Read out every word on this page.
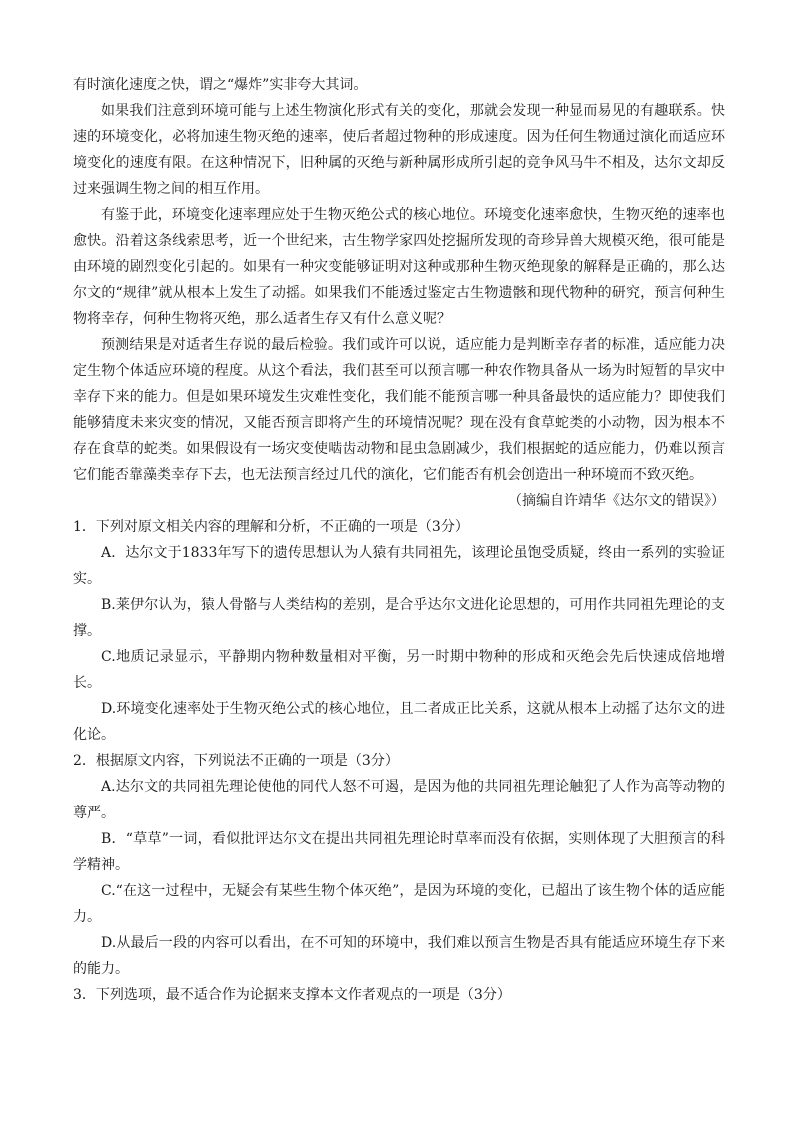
有时演化速度之快，谓之“爆炸”实非夸大其词。

如果我们注意到环境可能与上述生物演化形式有关的变化，那就会发现一种显而易见的有趣联系。快速的环境变化，必将加速生物灭绝的速率，使后者超过物种的形成速度。因为任何生物通过演化而适应环境变化的速度有限。在这种情况下，旧种属的灭绝与新种属形成所引起的竞争风马牛不相及，达尔文却反过来强调生物之间的相互作用。

有鉴于此，环境变化速率理应处于生物灭绝公式的核心地位。环境变化速率愈快，生物灭绝的速率也愈快。沿着这条线索思考，近一个世纪来，古生物学家四处挖掘所发现的奇珍异兽大规模灭绝，很可能是由环境的剧烈变化引起的。如果有一种灾变能够证明对这种或那种生物灭绝现象的解释是正确的，那么达尔文的“规律”就从根本上发生了动摇。如果我们不能透过鉴定古生物遗骸和现代物种的研究，预言何种生物将幸存，何种生物将灭绝，那么适者生存又有什么意义呢？

预测结果是对适者生存说的最后检验。我们或许可以说，适应能力是判断幸存者的标准，适应能力决定生物个体适应环境的程度。从这个看法，我们甚至可以预言哪一种农作物具备从一场为时短暂的旱灾中幸存下来的能力。但是如果环境发生灾难性变化，我们能不能预言哪一种具备最快的适应能力？即使我们能够猜度未来灾变的情况，又能否预言即将产生的环境情况呢？现在没有食草蛇类的小动物，因为根本不存在食草的蛇类。如果假设有一场灾变使啮齿动物和昆虫急剧减少，我们根据蛇的适应能力，仍难以预言它们能否靠藻类幸存下去，也无法预言经过几代的演化，它们能否有机会创造出一种环境而不致灭绝。

（摘编自许靖华《达尔文的错误》）

1．下列对原文相关内容的理解和分析，不正确的一项是（3分）

A．达尔文于1833年写下的遗传思想认为人猿有共同祖先，该理论虽饱受质疑，终由一系列的实验证实。

B.莱伊尔认为，猿人骨骼与人类结构的差别，是合乎达尔文进化论思想的，可用作共同祖先理论的支撑。

C.地质记录显示，平静期内物种数量相对平衡，另一时期中物种的形成和灭绝会先后快速成倍地增长。

D.环境变化速率处于生物灭绝公式的核心地位，且二者成正比关系，这就从根本上动摇了达尔文的进化论。

2．根据原文内容，下列说法不正确的一项是（3分）

A.达尔文的共同祖先理论使他的同代人怒不可遏，是因为他的共同祖先理论触犯了人作为高等动物的尊严。

B．“草草”一词，看似批评达尔文在提出共同祖先理论时草率而没有依据，实则体现了大胆预言的科学精神。

C.“在这一过程中，无疑会有某些生物个体灭绝”，是因为环境的变化，已超出了该生物个体的适应能力。

D.从最后一段的内容可以看出，在不可知的环境中，我们难以预言生物是否具有能适应环境生存下来的能力。

3．下列选项，最不适合作为论据来支撑本文作者观点的一项是（3分）
